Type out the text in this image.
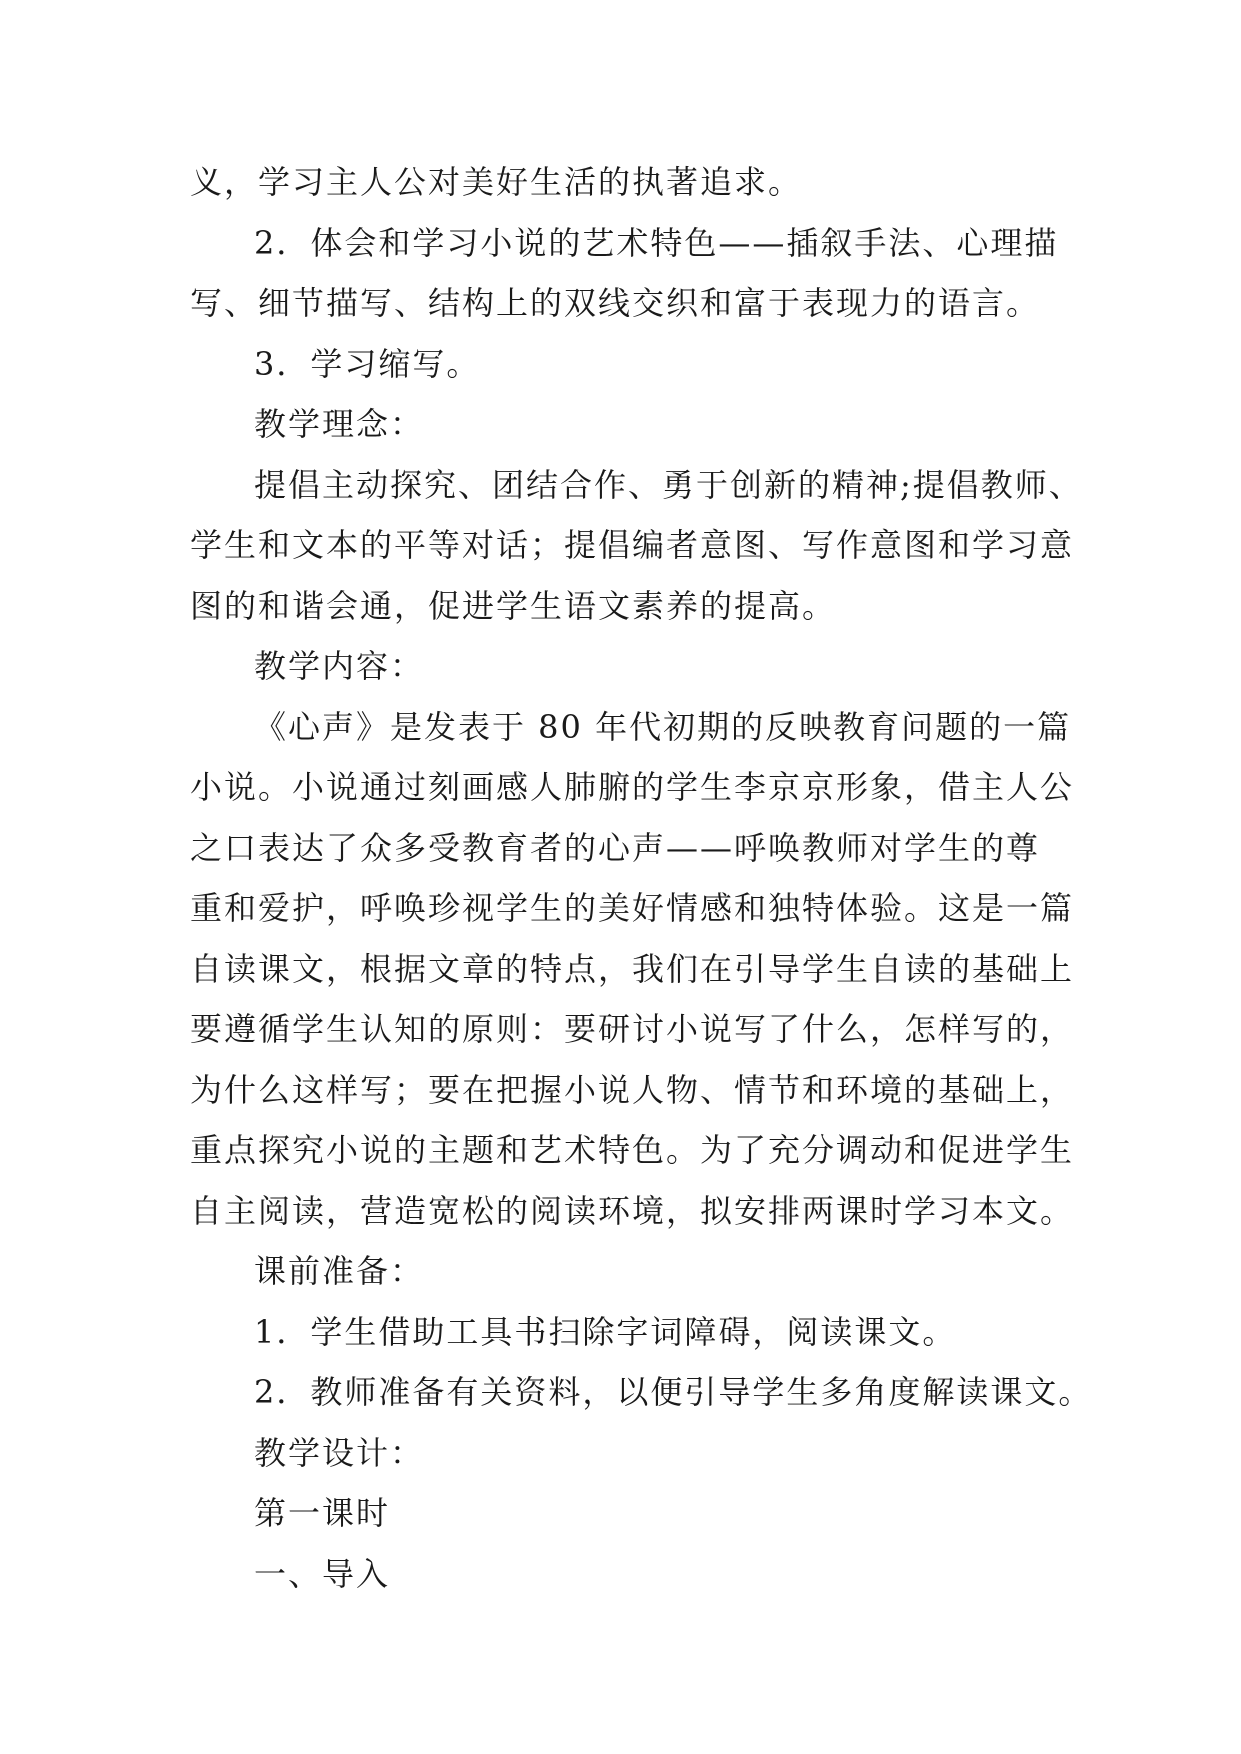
义，学习主人公对美好生活的执著追求。
2．体会和学习小说的艺术特色——插叙手法、心理描
写、细节描写、结构上的双线交织和富于表现力的语言。
3．学习缩写。
教学理念：
提倡主动探究、团结合作、勇于创新的精神;提倡教师、
学生和文本的平等对话；提倡编者意图、写作意图和学习意
图的和谐会通，促进学生语文素养的提高。
教学内容：
《心声》是发表于 80 年代初期的反映教育问题的一篇
小说。小说通过刻画感人肺腑的学生李京京形象，借主人公
之口表达了众多受教育者的心声——呼唤教师对学生的尊
重和爱护，呼唤珍视学生的美好情感和独特体验。这是一篇
自读课文，根据文章的特点，我们在引导学生自读的基础上
要遵循学生认知的原则：要研讨小说写了什么，怎样写的，
为什么这样写；要在把握小说人物、情节和环境的基础上，
重点探究小说的主题和艺术特色。为了充分调动和促进学生
自主阅读，营造宽松的阅读环境，拟安排两课时学习本文。
课前准备：
1．学生借助工具书扫除字词障碍，阅读课文。
2．教师准备有关资料，以便引导学生多角度解读课文。
教学设计：
第一课时
一、导入
